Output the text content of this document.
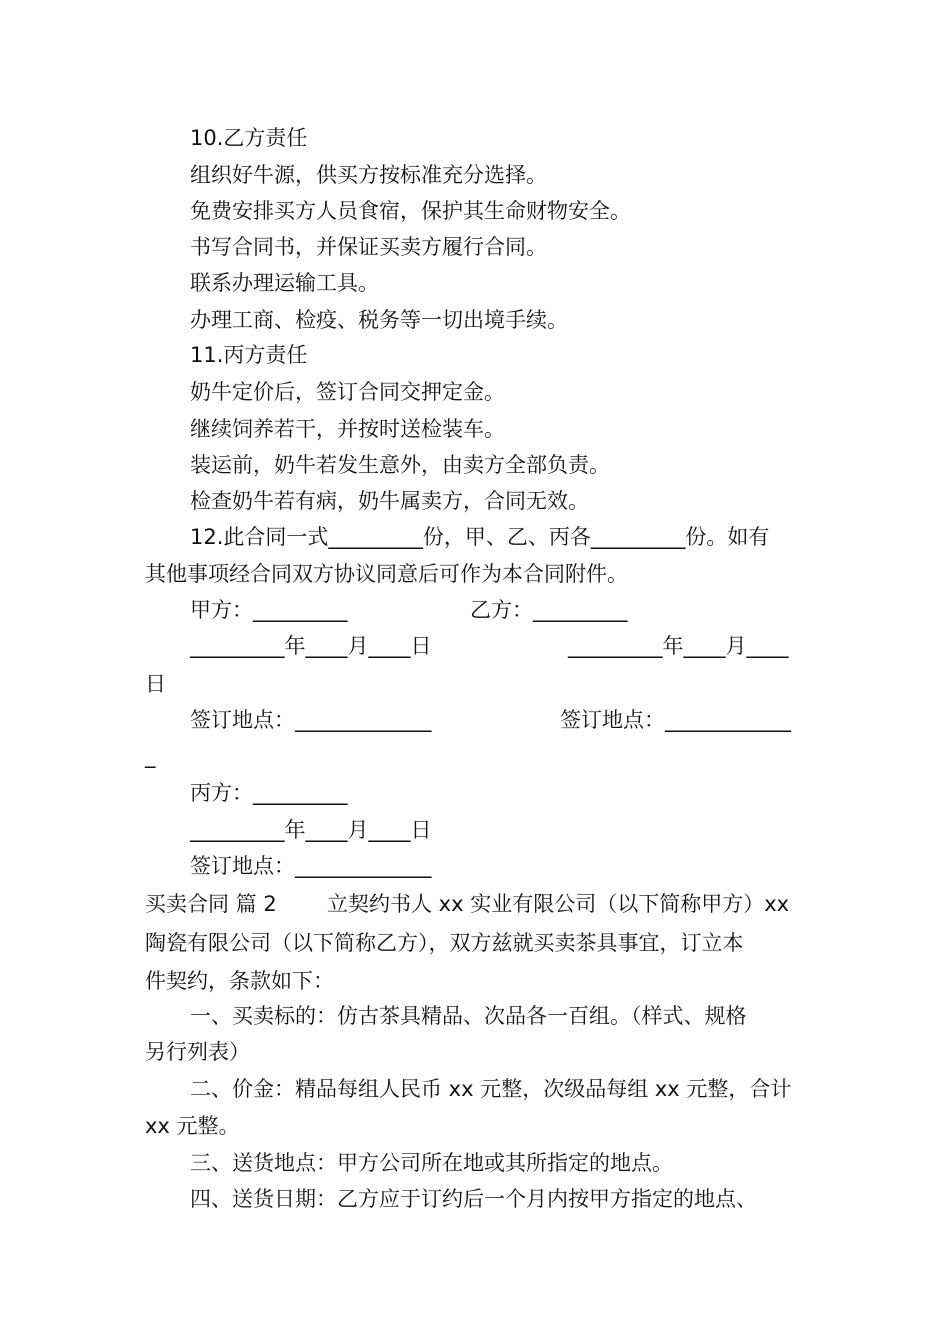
10.乙方责任
组织好牛源，供买方按标准充分选择。
免费安排买方人员食宿，保护其生命财物安全。
书写合同书，并保证买卖方履行合同。
联系办理运输工具。
办理工商、检疫、税务等一切出境手续。
11.丙方责任
奶牛定价后，签订合同交押定金。
继续饲养若干，并按时送检装车。
装运前，奶牛若发生意外，由卖方全部负责。
检查奶牛若有病，奶牛属卖方，合同无效。
12.此合同一式_________份，甲、乙、丙各_________份。如有
其他事项经合同双方协议同意后可作为本合同附件。
甲方：_________	乙方：_________
_________年____月____日	_________年____月____
日
签订地点：_____________	签订地点：____________
_
丙方：_________
_________年____月____日
签订地点：_____________
买卖合同 篇 2 立契约书人 xx 实业有限公司（以下简称甲方）xx
陶瓷有限公司（以下简称乙方），双方兹就买卖茶具事宜，订立本
件契约，条款如下：
一、买卖标的：仿古茶具精品、次品各一百组。（样式、规格
另行列表）
二、价金：精品每组人民币 xx 元整，次级品每组 xx 元整，合计
xx 元整。
三、送货地点：甲方公司所在地或其所指定的地点。
四、送货日期：乙方应于订约后一个月内按甲方指定的地点、
